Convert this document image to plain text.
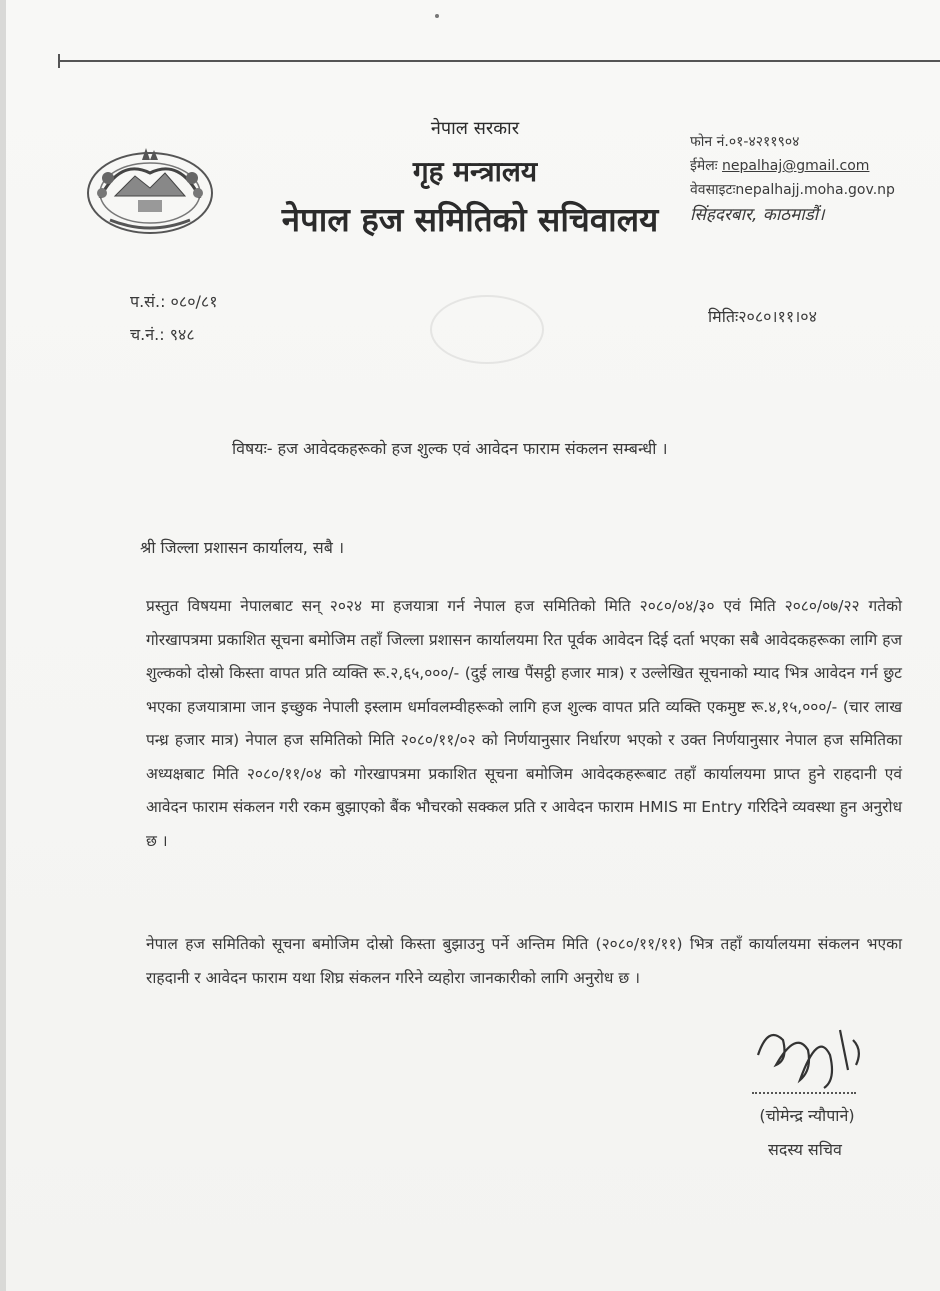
नेपाल सरकार
गृह मन्त्रालय
नेपाल हज समितिको सचिवालय
फोन नं.०१-४२११९०४
ईमेलः nepalhaj@gmail.com
वेवसाइटःnepalhajj.moha.gov.np
सिंहदरबार, काठमाडौं।
प.सं.: ०८०/८१
च.नं.: ९४८
मितिः२०८०।११।०४
विषयः- हज आवेदकहरूको हज शुल्क एवं आवेदन फाराम संकलन सम्बन्धी ।
श्री जिल्ला प्रशासन कार्यालय, सबै ।
प्रस्तुत विषयमा नेपालबाट सन् २०२४ मा हजयात्रा गर्न नेपाल हज समितिको मिति २०८०/०४/३० एवं मिति २०८०/०७/२२ गतेको गोरखापत्रमा प्रकाशित सूचना बमोजिम तहाँ जिल्ला प्रशासन कार्यालयमा रित पूर्वक आवेदन दिई दर्ता भएका सबै आवेदकहरूका लागि हज शुल्कको दोस्रो किस्ता वापत प्रति व्यक्ति रू.२,६५,०००/- (दुई लाख पैंसट्ठी हजार मात्र) र उल्लेखित सूचनाको म्याद भित्र आवेदन गर्न छुट भएका हजयात्रामा जान इच्छुक नेपाली इस्लाम धर्मावलम्वीहरूको लागि हज शुल्क वापत प्रति व्यक्ति एकमुष्ट रू.४,१५,०००/- (चार लाख पन्ध्र हजार मात्र) नेपाल हज समितिको मिति २०८०/११/०२ को निर्णयानुसार निर्धारण भएको र उक्त निर्णयानुसार नेपाल हज समितिका अध्यक्षबाट मिति २०८०/११/०४ को गोरखापत्रमा प्रकाशित सूचना बमोजिम आवेदकहरूबाट तहाँ कार्यालयमा प्राप्त हुने राहदानी एवं आवेदन फाराम संकलन गरी रकम बुझाएको बैंक भौचरको सक्कल प्रति र आवेदन फाराम HMIS मा Entry गरिदिने व्यवस्था हुन अनुरोध छ ।
नेपाल हज समितिको सूचना बमोजिम दोस्रो किस्ता बुझाउनु पर्ने अन्तिम मिति (२०८०/११/११) भित्र तहाँ कार्यालयमा संकलन भएका राहदानी र आवेदन फाराम यथा शिघ्र संकलन गरिने व्यहोरा जानकारीको लागि अनुरोध छ ।
(चोमेन्द्र न्यौपाने)
सदस्य सचिव
